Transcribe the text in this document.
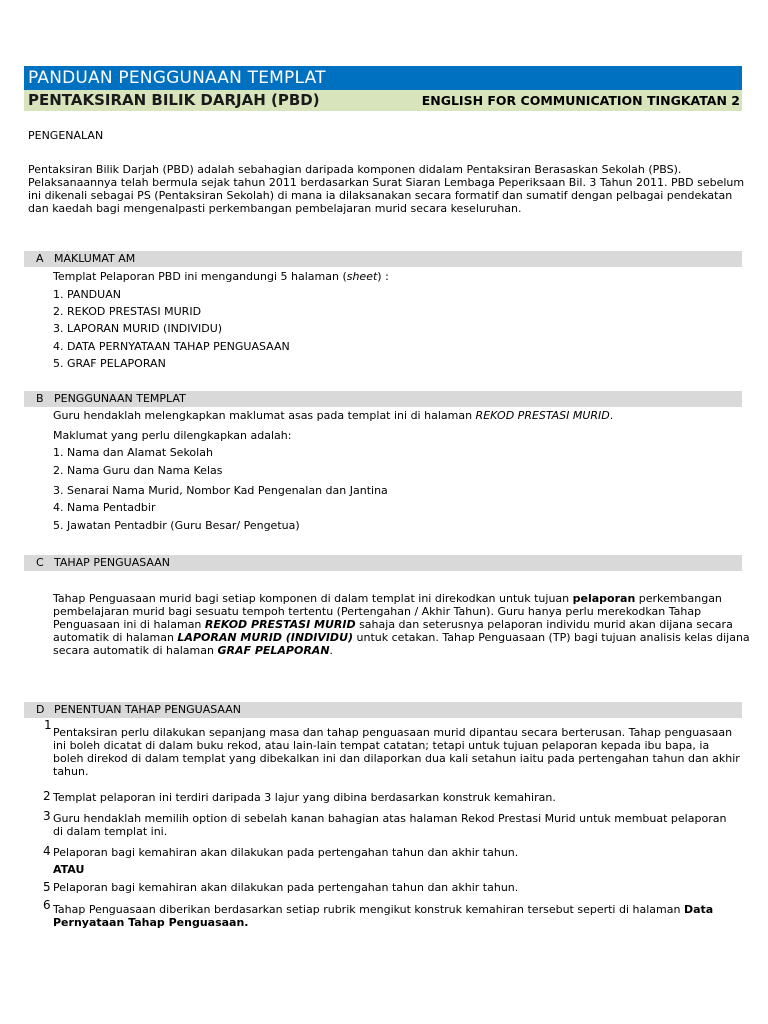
PANDUAN PENGGUNAAN TEMPLAT
PENTAKSIRAN BILIK DARJAH (PBD)	ENGLISH FOR COMMUNICATION TINGKATAN 2
PENGENALAN
Pentaksiran Bilik Darjah (PBD) adalah sebahagian daripada komponen didalam Pentaksiran Berasaskan Sekolah (PBS).
Pelaksanaannya telah bermula sejak tahun 2011 berdasarkan Surat Siaran Lembaga Peperiksaan Bil. 3 Tahun 2011. PBD sebelum
ini dikenali sebagai PS (Pentaksiran Sekolah) di mana ia dilaksanakan secara formatif dan sumatif dengan pelbagai pendekatan
dan kaedah bagi mengenalpasti perkembangan pembelajaran murid secara keseluruhan.
A MAKLUMAT AM
Templat Pelaporan PBD ini mengandungi 5 halaman (sheet) :
1. PANDUAN
2. REKOD PRESTASI MURID
3. LAPORAN MURID (INDIVIDU)
4. DATA PERNYATAAN TAHAP PENGUASAAN
5. GRAF PELAPORAN
B PENGGUNAAN TEMPLAT
Guru hendaklah melengkapkan maklumat asas pada templat ini di halaman REKOD PRESTASI MURID.
Maklumat yang perlu dilengkapkan adalah:
1. Nama dan Alamat Sekolah
2. Nama Guru dan Nama Kelas
3. Senarai Nama Murid, Nombor Kad Pengenalan dan Jantina
4. Nama Pentadbir
5. Jawatan Pentadbir (Guru Besar/ Pengetua)
C TAHAP PENGUASAAN
Tahap Penguasaan murid bagi setiap komponen di dalam templat ini direkodkan untuk tujuan pelaporan perkembangan
pembelajaran murid bagi sesuatu tempoh tertentu (Pertengahan / Akhir Tahun). Guru hanya perlu merekodkan Tahap
Penguasaan ini di halaman REKOD PRESTASI MURID sahaja dan seterusnya pelaporan individu murid akan dijana secara
automatik di halaman LAPORAN MURID (INDIVIDU) untuk cetakan. Tahap Penguasaan (TP) bagi tujuan analisis kelas dijana
secara automatik di halaman GRAF PELAPORAN.
D PENENTUAN TAHAP PENGUASAAN
1
Pentaksiran perlu dilakukan sepanjang masa dan tahap penguasaan murid dipantau secara berterusan. Tahap penguasaan
ini boleh dicatat di dalam buku rekod, atau lain-lain tempat catatan; tetapi untuk tujuan pelaporan kepada ibu bapa, ia
boleh direkod di dalam templat yang dibekalkan ini dan dilaporkan dua kali setahun iaitu pada pertengahan tahun dan akhir
tahun.
2 Templat pelaporan ini terdiri daripada 3 lajur yang dibina berdasarkan konstruk kemahiran.
3 Guru hendaklah memilih option di sebelah kanan bahagian atas halaman Rekod Prestasi Murid untuk membuat pelaporan
di dalam templat ini.
4 Pelaporan bagi kemahiran akan dilakukan pada pertengahan tahun dan akhir tahun.
ATAU
5 Pelaporan bagi kemahiran akan dilakukan pada pertengahan tahun dan akhir tahun.
6 Tahap Penguasaan diberikan berdasarkan setiap rubrik mengikut konstruk kemahiran tersebut seperti di halaman Data
Pernyataan Tahap Penguasaan.
